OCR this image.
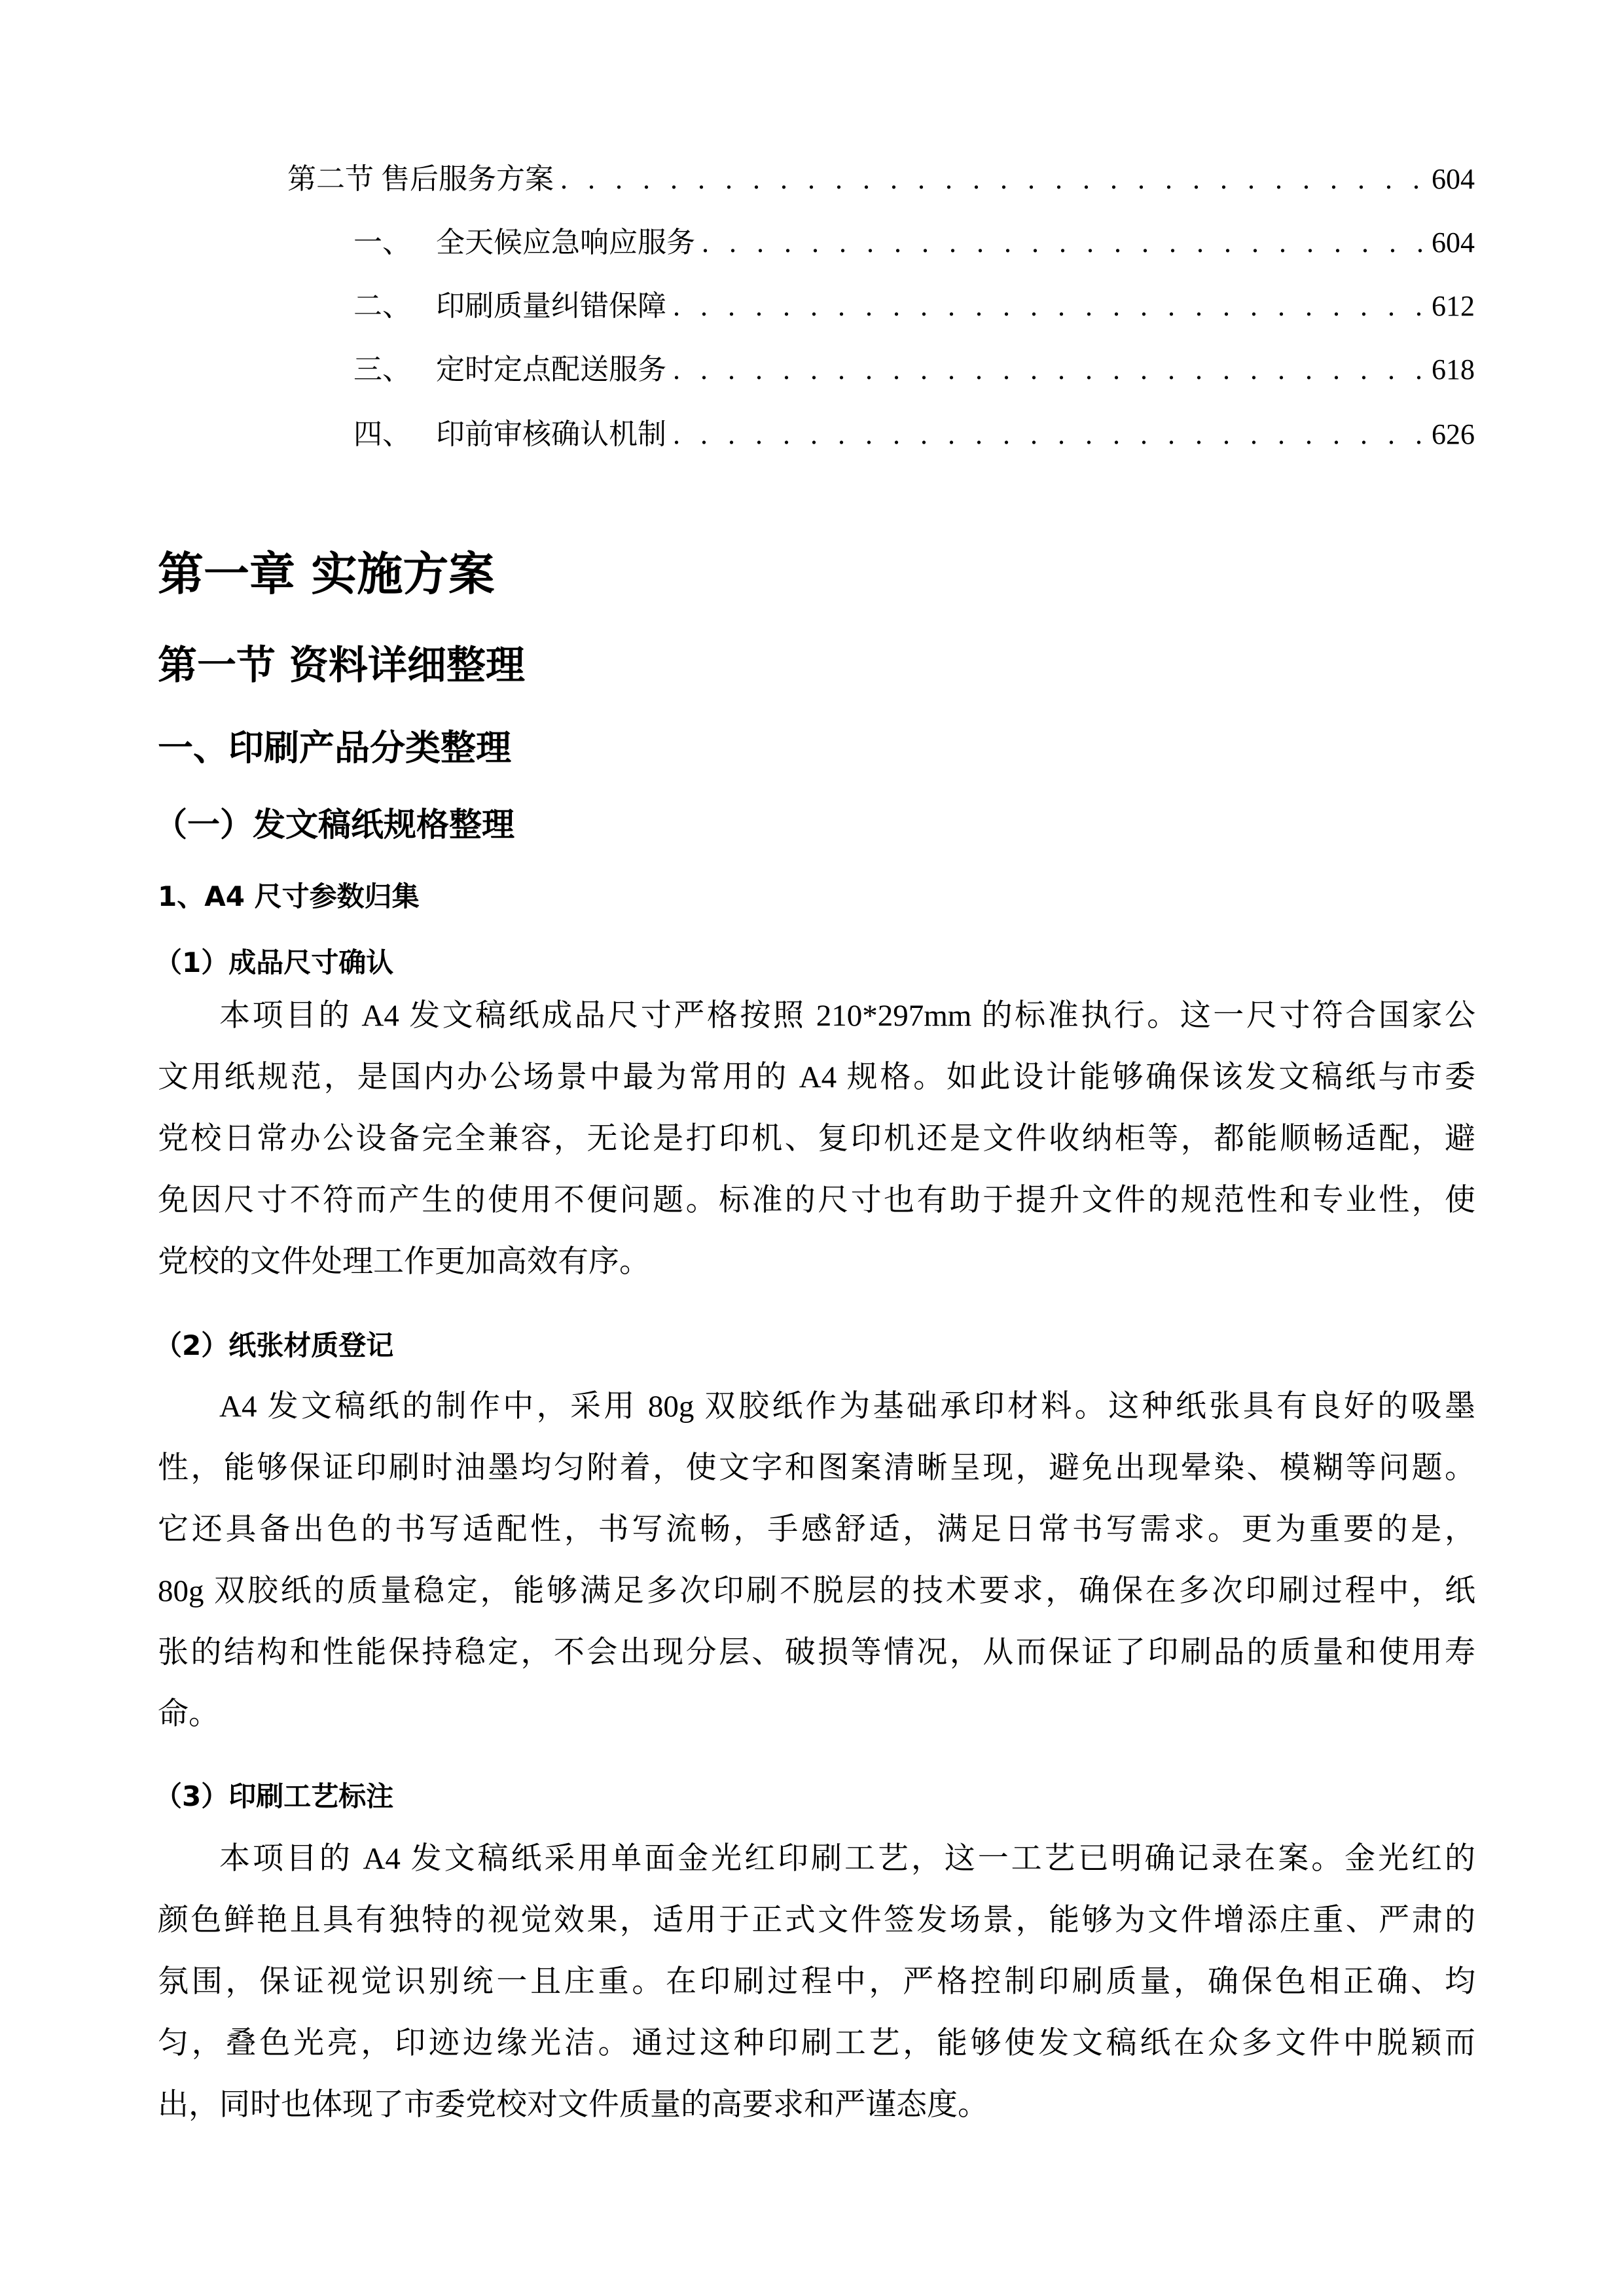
第二节 售后服务方案 . . .	604
一、 全天候应急响应服务 . . .	604
二、 印刷质量纠错保障 . . .	612
三、 定时定点配送服务 . . .	618
四、 印前审核确认机制 . . .	626
第一章 实施方案
第一节 资料详细整理
一、印刷产品分类整理
（一）发文稿纸规格整理
1、A4 尺寸参数归集
（1）成品尺寸确认
本项目的 A4 发文稿纸成品尺寸严格按照 210*297mm 的标准执行。这一尺寸符合国家公
文用纸规范，是国内办公场景中最为常用的 A4 规格。如此设计能够确保该发文稿纸与市委
党校日常办公设备完全兼容，无论是打印机、复印机还是文件收纳柜等，都能顺畅适配，避
免因尺寸不符而产生的使用不便问题。标准的尺寸也有助于提升文件的规范性和专业性，使
党校的文件处理工作更加高效有序。
（2）纸张材质登记
A4 发文稿纸的制作中，采用 80g 双胶纸作为基础承印材料。这种纸张具有良好的吸墨
性，能够保证印刷时油墨均匀附着，使文字和图案清晰呈现，避免出现晕染、模糊等问题。
它还具备出色的书写适配性，书写流畅，手感舒适，满足日常书写需求。更为重要的是，
80g 双胶纸的质量稳定，能够满足多次印刷不脱层的技术要求，确保在多次印刷过程中，纸
张的结构和性能保持稳定，不会出现分层、破损等情况，从而保证了印刷品的质量和使用寿
命。
（3）印刷工艺标注
本项目的 A4 发文稿纸采用单面金光红印刷工艺，这一工艺已明确记录在案。金光红的
颜色鲜艳且具有独特的视觉效果，适用于正式文件签发场景，能够为文件增添庄重、严肃的
氛围，保证视觉识别统一且庄重。在印刷过程中，严格控制印刷质量，确保色相正确、均
匀，叠色光亮，印迹边缘光洁。通过这种印刷工艺，能够使发文稿纸在众多文件中脱颖而
出，同时也体现了市委党校对文件质量的高要求和严谨态度。
